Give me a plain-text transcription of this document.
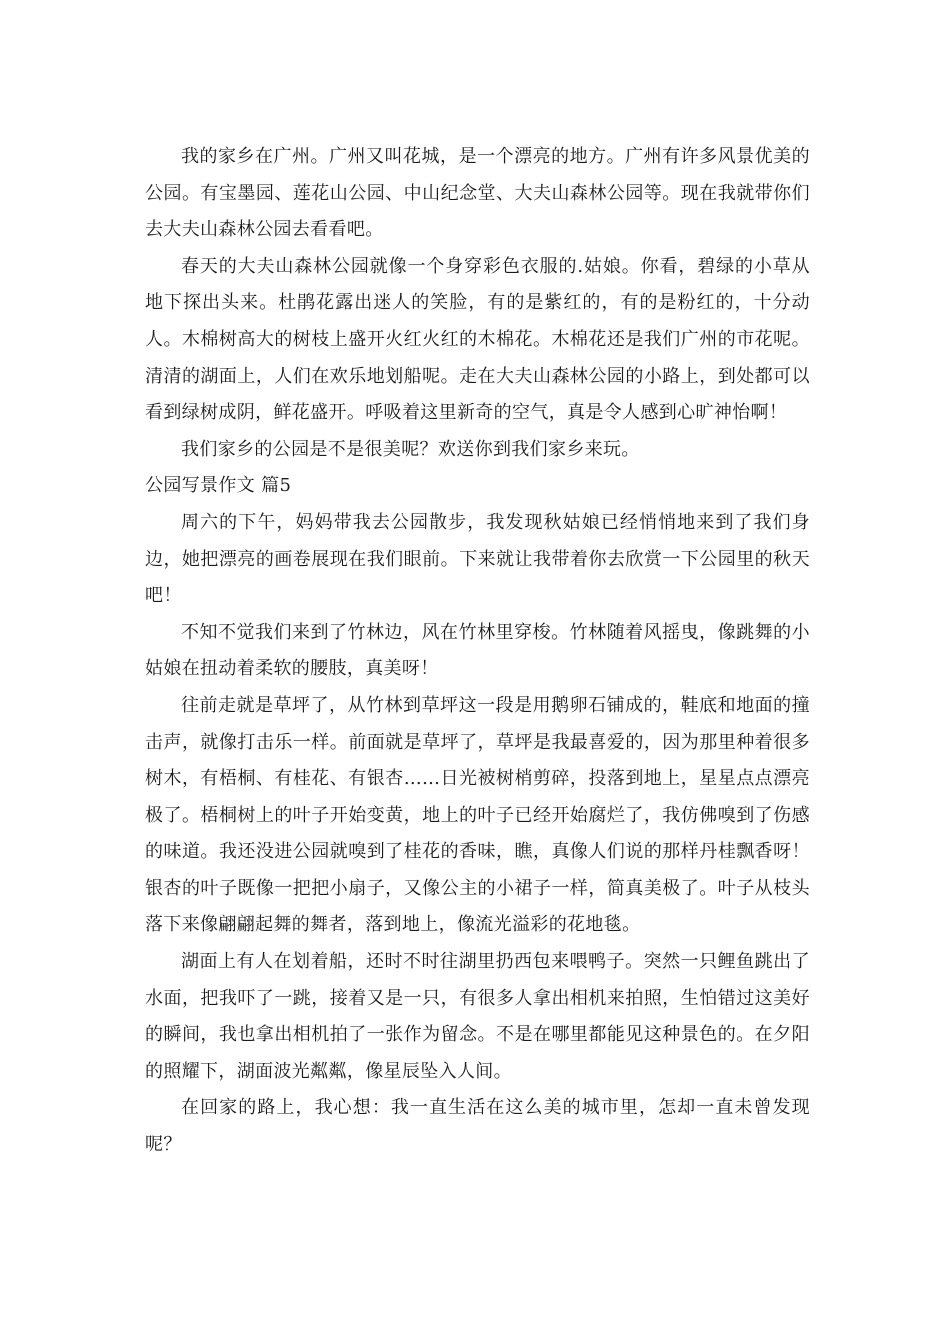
我的家乡在广州。广州又叫花城，是一个漂亮的地方。广州有许多风景优美的公园。有宝墨园、莲花山公园、中山纪念堂、大夫山森林公园等。现在我就带你们去大夫山森林公园去看看吧。

春天的大夫山森林公园就像一个身穿彩色衣服的.姑娘。你看，碧绿的小草从地下探出头来。杜鹃花露出迷人的笑脸，有的是紫红的，有的是粉红的，十分动人。木棉树高大的树枝上盛开火红火红的木棉花。木棉花还是我们广州的市花呢。清清的湖面上，人们在欢乐地划船呢。走在大夫山森林公园的小路上，到处都可以看到绿树成阴，鲜花盛开。呼吸着这里新奇的空气，真是令人感到心旷神怡啊！

我们家乡的公园是不是很美呢？欢送你到我们家乡来玩。

公园写景作文 篇5

周六的下午，妈妈带我去公园散步，我发现秋姑娘已经悄悄地来到了我们身边，她把漂亮的画卷展现在我们眼前。下来就让我带着你去欣赏一下公园里的秋天吧！

不知不觉我们来到了竹林边，风在竹林里穿梭。竹林随着风摇曳，像跳舞的小姑娘在扭动着柔软的腰肢，真美呀！

往前走就是草坪了，从竹林到草坪这一段是用鹅卵石铺成的，鞋底和地面的撞击声，就像打击乐一样。前面就是草坪了，草坪是我最喜爱的，因为那里种着很多树木，有梧桐、有桂花、有银杏……日光被树梢剪碎，投落到地上，星星点点漂亮极了。梧桐树上的叶子开始变黄，地上的叶子已经开始腐烂了，我仿佛嗅到了伤感的味道。我还没进公园就嗅到了桂花的香味，瞧，真像人们说的那样丹桂飘香呀！银杏的叶子既像一把把小扇子，又像公主的小裙子一样，简真美极了。叶子从枝头落下来像翩翩起舞的舞者，落到地上，像流光溢彩的花地毯。

湖面上有人在划着船，还时不时往湖里扔西包来喂鸭子。突然一只鲤鱼跳出了水面，把我吓了一跳，接着又是一只，有很多人拿出相机来拍照，生怕错过这美好的瞬间，我也拿出相机拍了一张作为留念。不是在哪里都能见这种景色的。在夕阳的照耀下，湖面波光粼粼，像星辰坠入人间。

在回家的路上，我心想：我一直生活在这么美的城市里，怎却一直未曾发现呢？
